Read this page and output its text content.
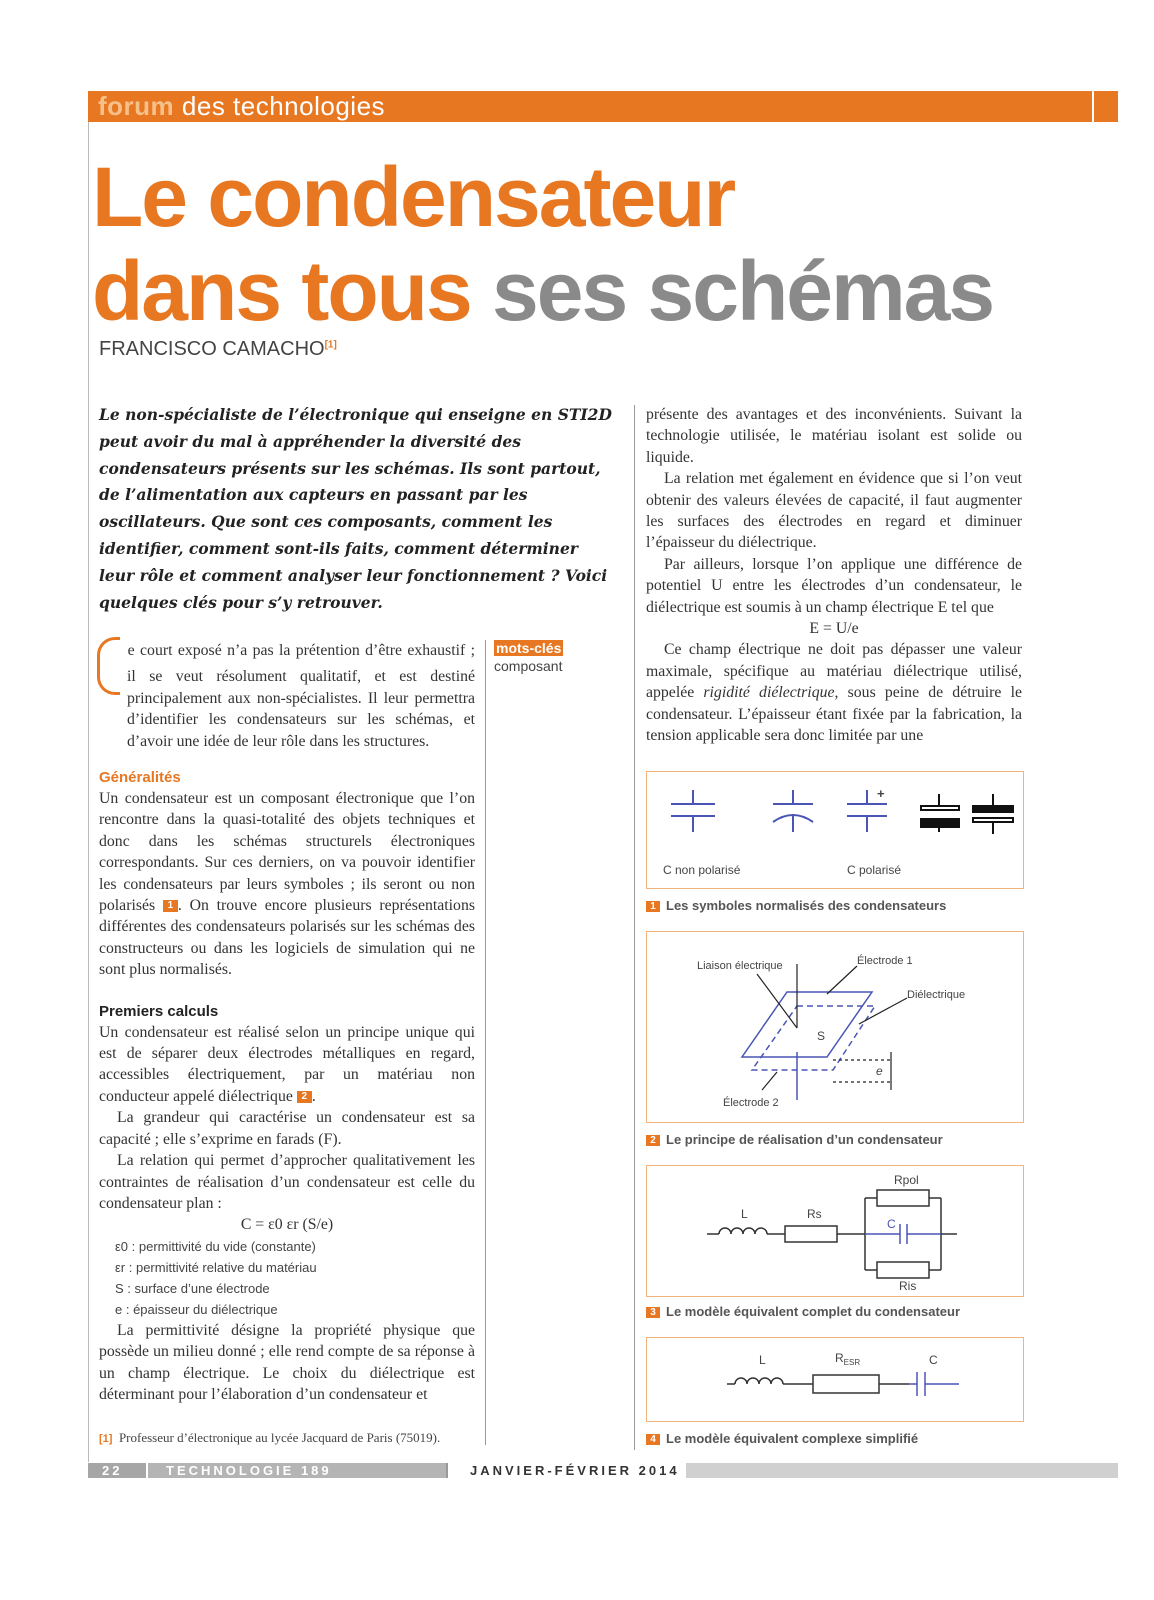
forum des technologies
Le condensateur
dans tous ses schémas
FRANCISCO CAMACHO[1]
Le non-spécialiste de l’électronique qui enseigne en STI2D peut avoir du mal à appréhender la diversité des condensateurs présents sur les schémas. Ils sont partout, de l’alimentation aux capteurs en passant par les oscillateurs. Que sont ces composants, comment les identifier, comment sont-ils faits, comment déterminer leur rôle et comment analyser leur fonctionnement ? Voici quelques clés pour s’y retrouver.

e court exposé n’a pas la prétention d’être exhaustif ; il se veut résolument qualitatif, et est destiné principalement aux non-spécialistes. Il leur permettra d’identifier les condensateurs sur les schémas, et d’avoir une idée de leur rôle dans les structures.

mots-clés
composant
Généralités

Un condensateur est un composant électronique que l’on rencontre dans la quasi-totalité des objets techniques et donc dans les schémas structurels électroniques correspondants. Sur ces derniers, on va pouvoir identifier les condensateurs par leurs symboles ; ils seront ou non polarisés 1 . On trouve encore plusieurs représentations différentes des condensateurs polarisés sur les schémas des constructeurs ou dans les logiciels de simulation qui ne sont plus normalisés.

Premiers calculs

Un condensateur est réalisé selon un principe unique qui est de séparer deux électrodes métalliques en regard, accessibles électriquement, par un matériau non conducteur appelé diélectrique 2 .

La grandeur qui caractérise un condensateur est sa capacité ; elle s’exprime en farads (F).

La relation qui permet d’approcher qualitativement les contraintes de réalisation d’un condensateur est celle du condensateur plan :

C = ε0 εr (S/e)

ε0 : permittivité du vide (constante)
εr : permittivité relative du matériau
S : surface d’une électrode
e : épaisseur du diélectrique

La permittivité désigne la propriété physique que possède un milieu donné ; elle rend compte de sa réponse à un champ électrique. Le choix du diélectrique est déterminant pour l’élaboration d’un condensateur et

[1] Professeur d’électronique au lycée Jacquard de Paris (75019).

présente des avantages et des inconvénients. Suivant la technologie utilisée, le matériau isolant est solide ou liquide.

La relation met également en évidence que si l’on veut obtenir des valeurs élevées de capacité, il faut augmenter les surfaces des électrodes en regard et diminuer l’épaisseur du diélectrique.

Par ailleurs, lorsque l’on applique une différence de potentiel U entre les électrodes d’un condensateur, le diélectrique est soumis à un champ électrique E tel que

E = U/e

Ce champ électrique ne doit pas dépasser une valeur maximale, spécifique au matériau diélectrique utilisé, appelée rigidité diélectrique, sous peine de détruire le condensateur. L’épaisseur étant fixée par la fabrication, la tension applicable sera donc limitée par une

+
C non polarisé	C polarisé
1 Les symboles normalisés des condensateurs
Liaison électrique	Électrode 1
Diélectrique
S
e
Électrode 2
2 Le principe de réalisation d’un condensateur
Rpol
L	Rs
C
Ris
3 Le modèle équivalent complet du condensateur
L	$R_{ESR}$	C
4 Le modèle équivalent complexe simplifié
22	TECHNOLOGIE 189	JANVIER-FÉVRIER 2014
